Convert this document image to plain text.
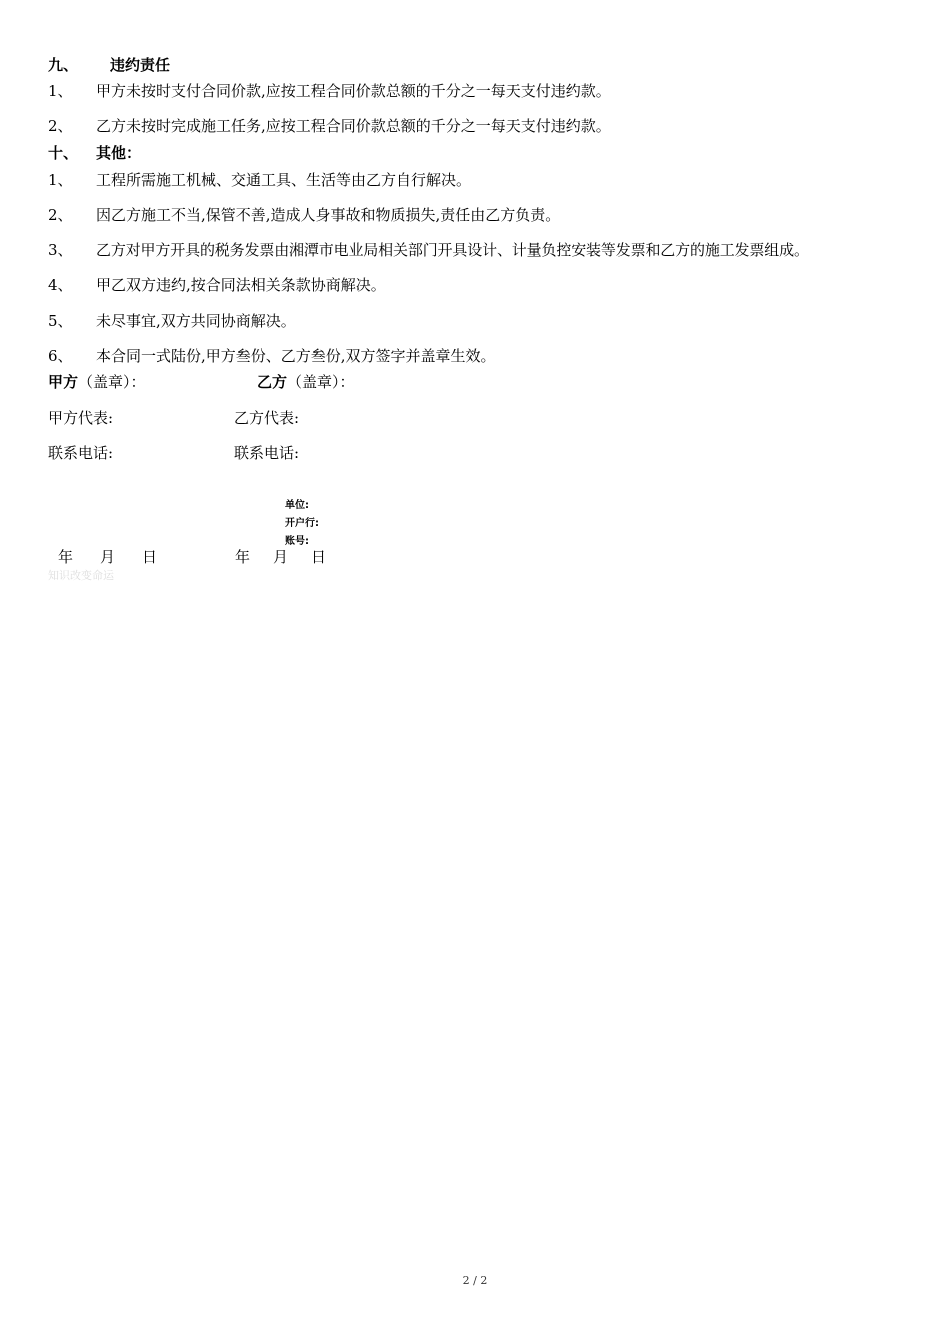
九、 违约责任
1、 甲方未按时支付合同价款,应按工程合同价款总额的千分之一每天支付违约款。
2、 乙方未按时完成施工任务,应按工程合同价款总额的千分之一每天支付违约款。
十、 其他：
1、 工程所需施工机械、交通工具、生活等由乙方自行解决。
2、 因乙方施工不当,保管不善,造成人身事故和物质损失,责任由乙方负责。
3、 乙方对甲方开具的税务发票由湘潭市电业局相关部门开具设计、计量负控安装等发票和乙方的施工发票组成。
4、 甲乙双方违约,按合同法相关条款协商解决。
5、 未尽事宜,双方共同协商解决。
6、 本合同一式陆份,甲方叁份、乙方叁份,双方签字并盖章生效。
甲方（盖章）：	乙方（盖章）：
甲方代表:	乙方代表:
联系电话:	联系电话:
单位:
开户行:
账号:
年 月 日	年 月 日
知识改变命运
2 / 2
